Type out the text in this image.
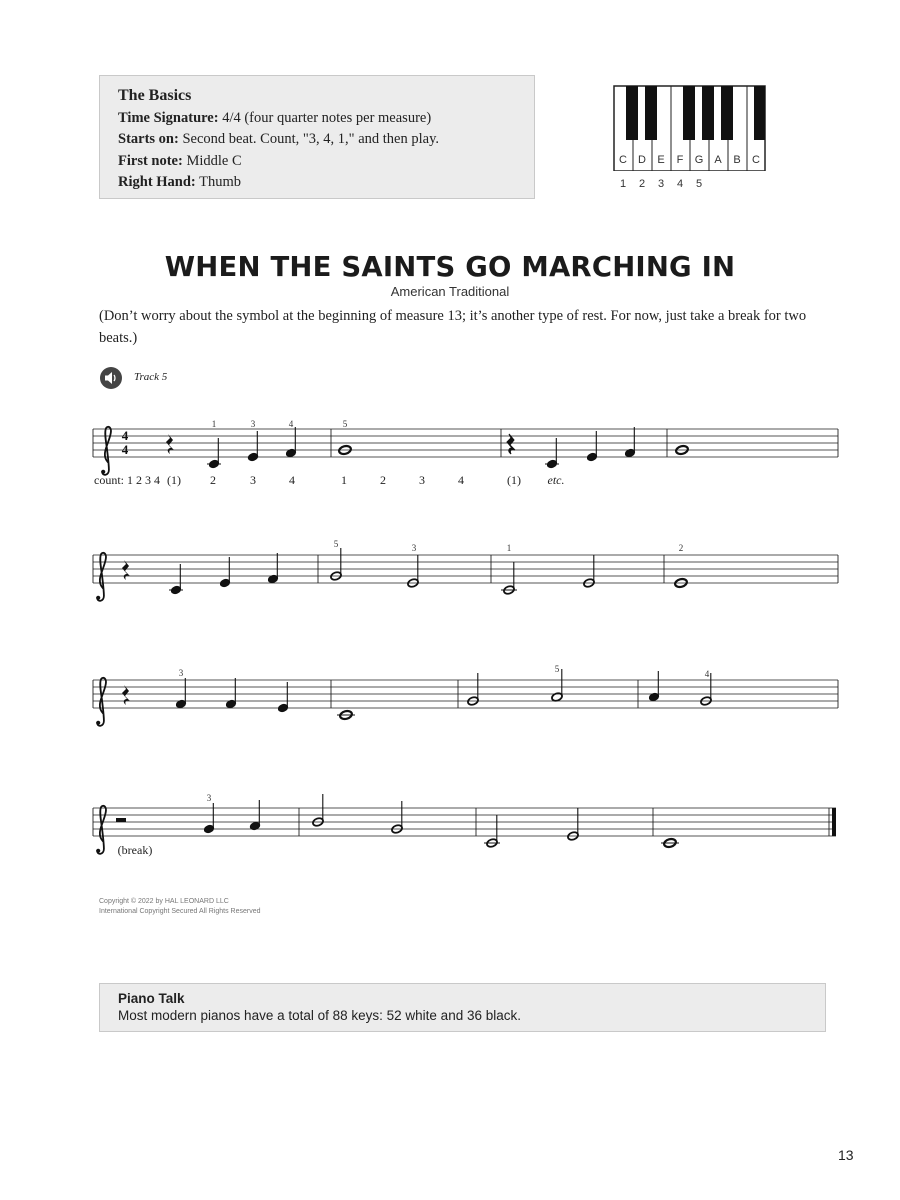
The Basics
Time Signature: 4/4 (four quarter notes per measure)
Starts on: Second beat. Count, "3, 4, 1," and then play.
First note: Middle C
Right Hand: Thumb
C D E F G A B C
1 2 3 4 5
WHEN THE SAINTS GO MARCHING IN
American Traditional
(Don’t worry about the symbol at the beginning of measure 13; it’s another type of rest. For now, just take a break for two beats.)
Track 5
4
4
1	3	4	5
count: 1 2 3 4 (1) 2	3	4	1	2	3	4	(1) etc.
5	3	1	2
3	5	4
3
(break)
Copyright © 2022 by HAL LEONARD LLC
International Copyright Secured All Rights Reserved
Piano Talk
Most modern pianos have a total of 88 keys: 52 white and 36 black.
13
